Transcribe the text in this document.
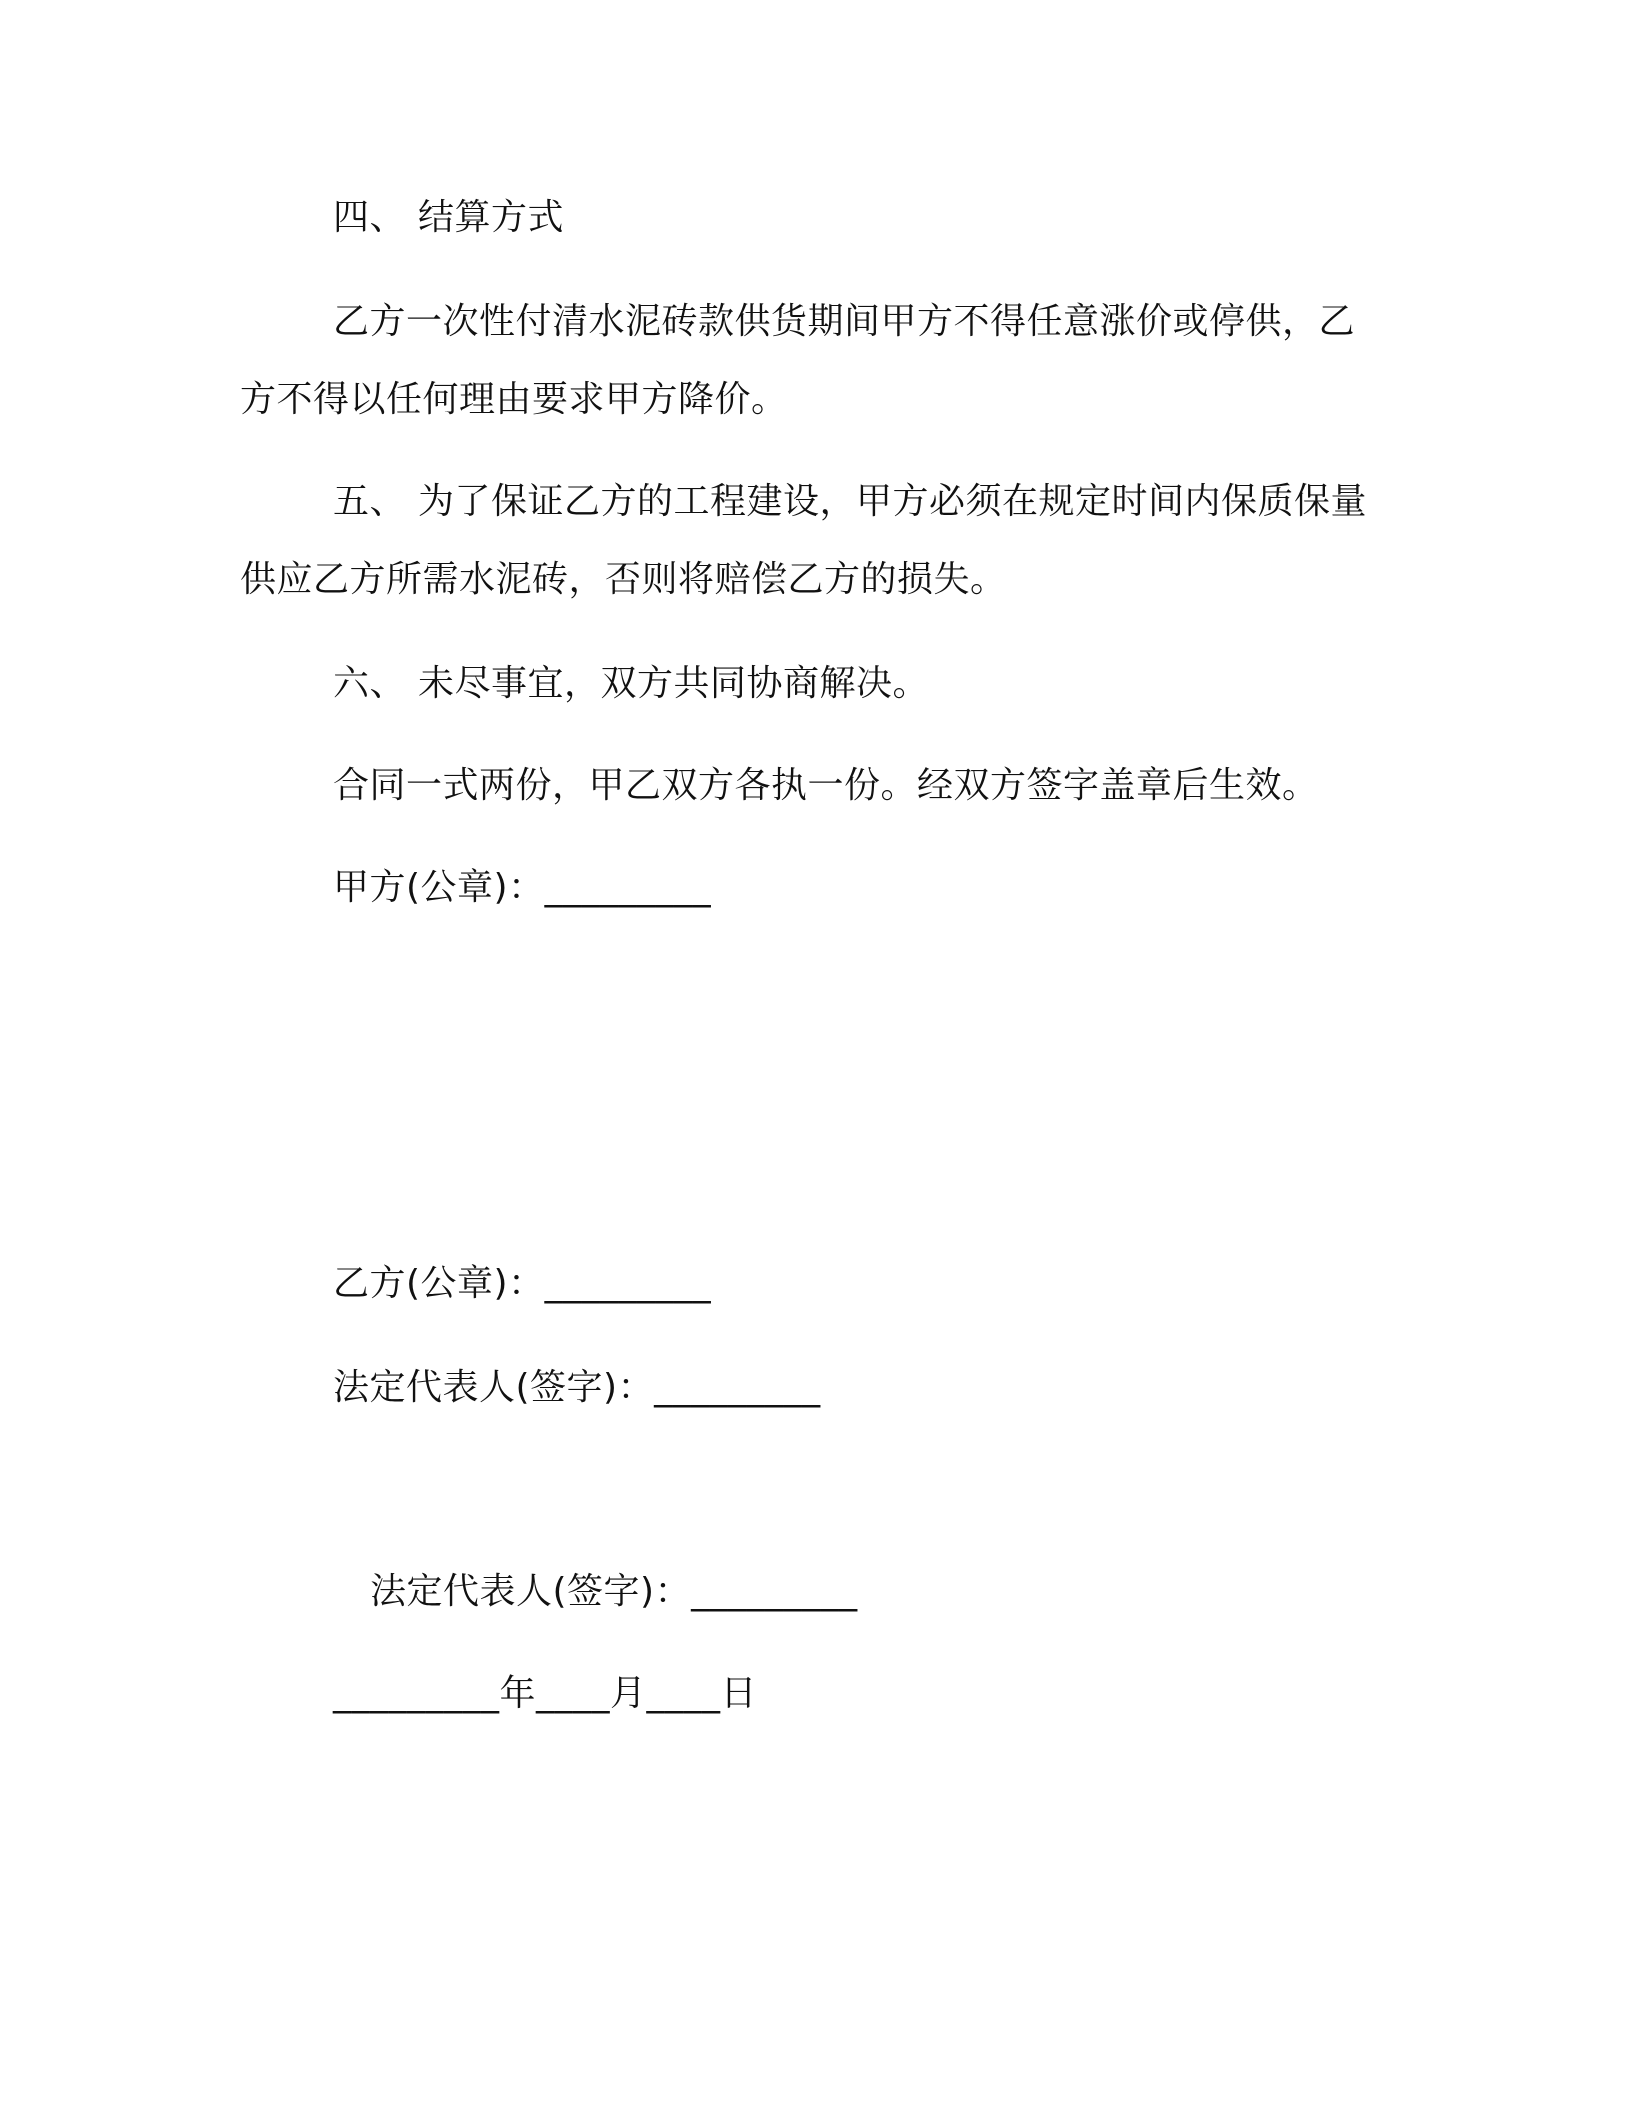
四、 结算方式
乙方一次性付清水泥砖款供货期间甲方不得任意涨价或停供，乙
方不得以任何理由要求甲方降价。
五、 为了保证乙方的工程建设，甲方必须在规定时间内保质保量
供应乙方所需水泥砖，否则将赔偿乙方的损失。
六、 未尽事宜，双方共同协商解决。
合同一式两份，甲乙双方各执一份。经双方签字盖章后生效。
甲方(公章)：_________
乙方(公章)：_________
法定代表人(签字)：_________
法定代表人(签字)：_________
_________年____月____日
